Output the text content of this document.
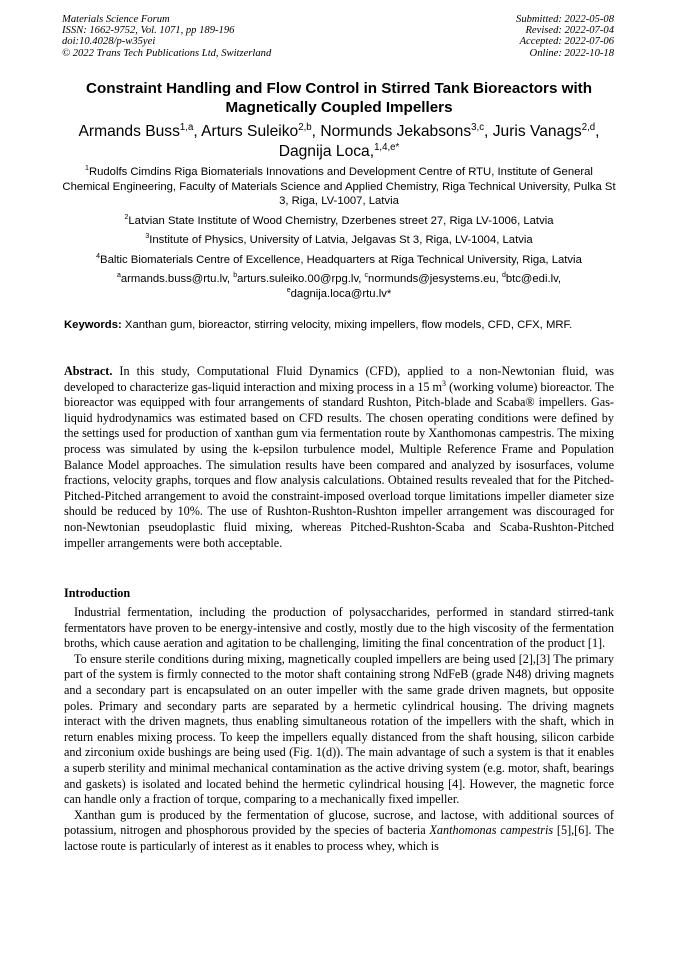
Materials Science Forum
ISSN: 1662-9752, Vol. 1071, pp 189-196
doi:10.4028/p-w35yei
© 2022 Trans Tech Publications Ltd, Switzerland
Submitted: 2022-05-08
Revised: 2022-07-04
Accepted: 2022-07-06
Online: 2022-10-18
Constraint Handling and Flow Control in Stirred Tank Bioreactors with
Magnetically Coupled Impellers
Armands Buss$^{1,a}$, Arturs Suleiko$^{2,b}$, Normunds Jekabsons$^{3,c}$, Juris Vanags$^{2,d}$,
Dagnija Loca,$^{1,4,e*}$
$^1$Rudolfs Cimdins Riga Biomaterials Innovations and Development Centre of RTU, Institute of General Chemical Engineering, Faculty of Materials Science and Applied Chemistry, Riga Technical University, Pulka St 3, Riga, LV-1007, Latvia
$^2$Latvian State Institute of Wood Chemistry, Dzerbenes street 27, Riga LV-1006, Latvia
$^3$Institute of Physics, University of Latvia, Jelgavas St 3, Riga, LV-1004, Latvia
$^4$Baltic Biomaterials Centre of Excellence, Headquarters at Riga Technical University, Riga, Latvia
$^a$armands.buss@rtu.lv, $^b$arturs.suleiko.00@rpg.lv, $^c$normunds@jesystems.eu, $^d$btc@edi.lv,
$^e$dagnija.loca@rtu.lv*
Keywords: Xanthan gum, bioreactor, stirring velocity, mixing impellers, flow models, CFD, CFX, MRF.
Abstract. In this study, Computational Fluid Dynamics (CFD), applied to a non-Newtonian fluid, was developed to characterize gas-liquid interaction and mixing process in a 15 $m^3$ (working volume) bioreactor. The bioreactor was equipped with four arrangements of standard Rushton, Pitch-blade and Scaba® impellers. Gas-liquid hydrodynamics was estimated based on CFD results. The chosen operating conditions were defined by the settings used for production of xanthan gum via fermentation route by Xanthomonas campestris. The mixing process was simulated by using the k-epsilon turbulence model, Multiple Reference Frame and Population Balance Model approaches. The simulation results have been compared and analyzed by isosurfaces, volume fractions, velocity graphs, torques and flow analysis calculations. Obtained results revealed that for the Pitched-Pitched-Pitched arrangement to avoid the constraint-imposed overload torque limitations impeller diameter size should be reduced by 10%. The use of Rushton-Rushton-Rushton impeller arrangement was discouraged for non-Newtonian pseudoplastic fluid mixing, whereas Pitched-Rushton-Scaba and Scaba-Rushton-Pitched impeller arrangements were both acceptable.
Introduction

Industrial fermentation, including the production of polysaccharides, performed in standard stirred-tank fermentators have proven to be energy-intensive and costly, mostly due to the high viscosity of the fermentation broths, which cause aeration and agitation to be challenging, limiting the final concentration of the product [1].

To ensure sterile conditions during mixing, magnetically coupled impellers are being used [2],[3] The primary part of the system is firmly connected to the motor shaft containing strong NdFeB (grade N48) driving magnets and a secondary part is encapsulated on an outer impeller with the same grade driven magnets, but opposite poles. Primary and secondary parts are separated by a hermetic cylindrical housing. The driving magnets interact with the driven magnets, thus enabling simultaneous rotation of the impellers with the shaft, which in return enables mixing process. To keep the impellers equally distanced from the shaft housing, silicon carbide and zirconium oxide bushings are being used (Fig. 1(d)). The main advantage of such a system is that it enables a superb sterility and minimal mechanical contamination as the active driving system (e.g. motor, shaft, bearings and gaskets) is isolated and located behind the hermetic cylindrical housing [4]. However, the magnetic force can handle only a fraction of torque, comparing to a mechanically fixed impeller.

Xanthan gum is produced by the fermentation of glucose, sucrose, and lactose, with additional sources of potassium, nitrogen and phosphorous provided by the species of bacteria Xanthomonas campestris [5],[6]. The lactose route is particularly of interest as it enables to process whey, which is
